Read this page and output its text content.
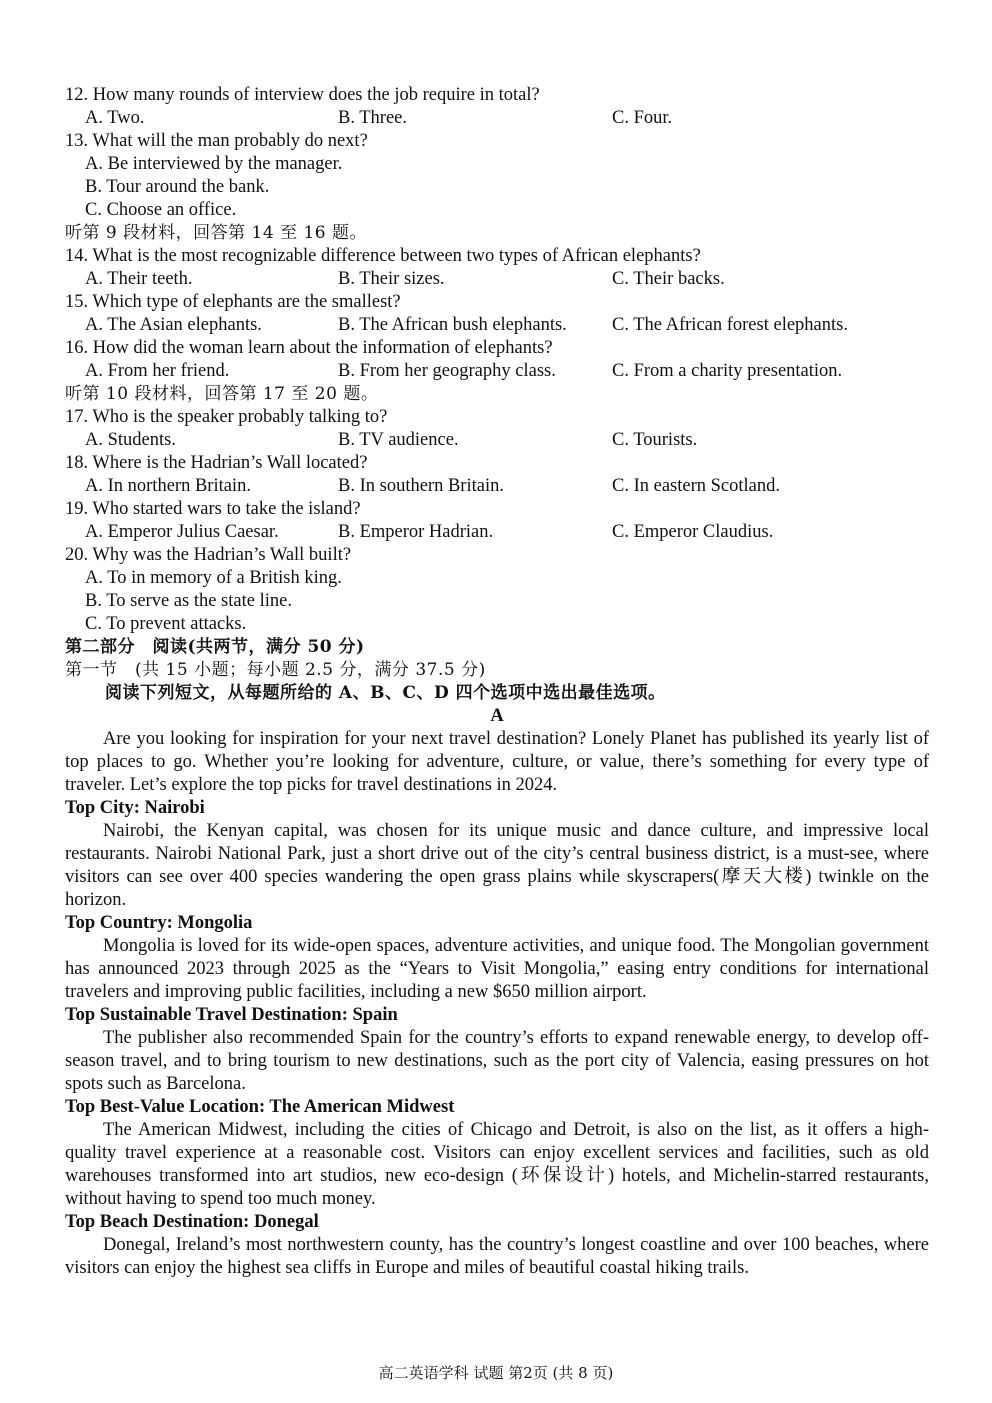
12. How many rounds of interview does the job require in total?
A. Two.	B. Three.	C. Four.
13. What will the man probably do next?
A. Be interviewed by the manager.
B. Tour around the bank.
C. Choose an office.
听第 9 段材料，回答第 14 至 16 题。
14. What is the most recognizable difference between two types of African elephants?
A. Their teeth.	B. Their sizes.	C. Their backs.
15. Which type of elephants are the smallest?
A. The Asian elephants.	B. The African bush elephants.	C. The African forest elephants.
16. How did the woman learn about the information of elephants?
A. From her friend.	B. From her geography class.	C. From a charity presentation.
听第 10 段材料，回答第 17 至 20 题。
17. Who is the speaker probably talking to?
A. Students.	B. TV audience.	C. Tourists.
18. Where is the Hadrian’s Wall located?
A. In northern Britain.	B. In southern Britain.	C. In eastern Scotland.
19. Who started wars to take the island?
A. Emperor Julius Caesar.	B. Emperor Hadrian.	C. Emperor Claudius.
20. Why was the Hadrian’s Wall built?
A. To in memory of a British king.
B. To serve as the state line.
C. To prevent attacks.
第二部分　阅读(共两节，满分 50 分)
第一节　(共 15 小题；每小题 2.5 分，满分 37.5 分)
阅读下列短文，从每题所给的 A、B、C、D 四个选项中选出最佳选项。
A
Are you looking for inspiration for your next travel destination? Lonely Planet has published its yearly list of top places to go. Whether you’re looking for adventure, culture, or value, there’s something for every type of traveler. Let’s explore the top picks for travel destinations in 2024.
Top City: Nairobi
Nairobi, the Kenyan capital, was chosen for its unique music and dance culture, and impressive local restaurants. Nairobi National Park, just a short drive out of the city’s central business district, is a must-see, where visitors can see over 400 species wandering the open grass plains while skyscrapers(摩天大楼) twinkle on the horizon.
Top Country: Mongolia
Mongolia is loved for its wide-open spaces, adventure activities, and unique food. The Mongolian government has announced 2023 through 2025 as the “Years to Visit Mongolia,” easing entry conditions for international travelers and improving public facilities, including a new $650 million airport.
Top Sustainable Travel Destination: Spain
The publisher also recommended Spain for the country’s efforts to expand renewable energy, to develop off-season travel, and to bring tourism to new destinations, such as the port city of Valencia, easing pressures on hot spots such as Barcelona.
Top Best-Value Location: The American Midwest
The American Midwest, including the cities of Chicago and Detroit, is also on the list, as it offers a high-quality travel experience at a reasonable cost. Visitors can enjoy excellent services and facilities, such as old warehouses transformed into art studios, new eco-design (环保设计) hotels, and Michelin-starred restaurants, without having to spend too much money.
Top Beach Destination: Donegal
Donegal, Ireland’s most northwestern county, has the country’s longest coastline and over 100 beaches, where visitors can enjoy the highest sea cliffs in Europe and miles of beautiful coastal hiking trails.
高二英语学科 试题 第2页 (共 8 页)
